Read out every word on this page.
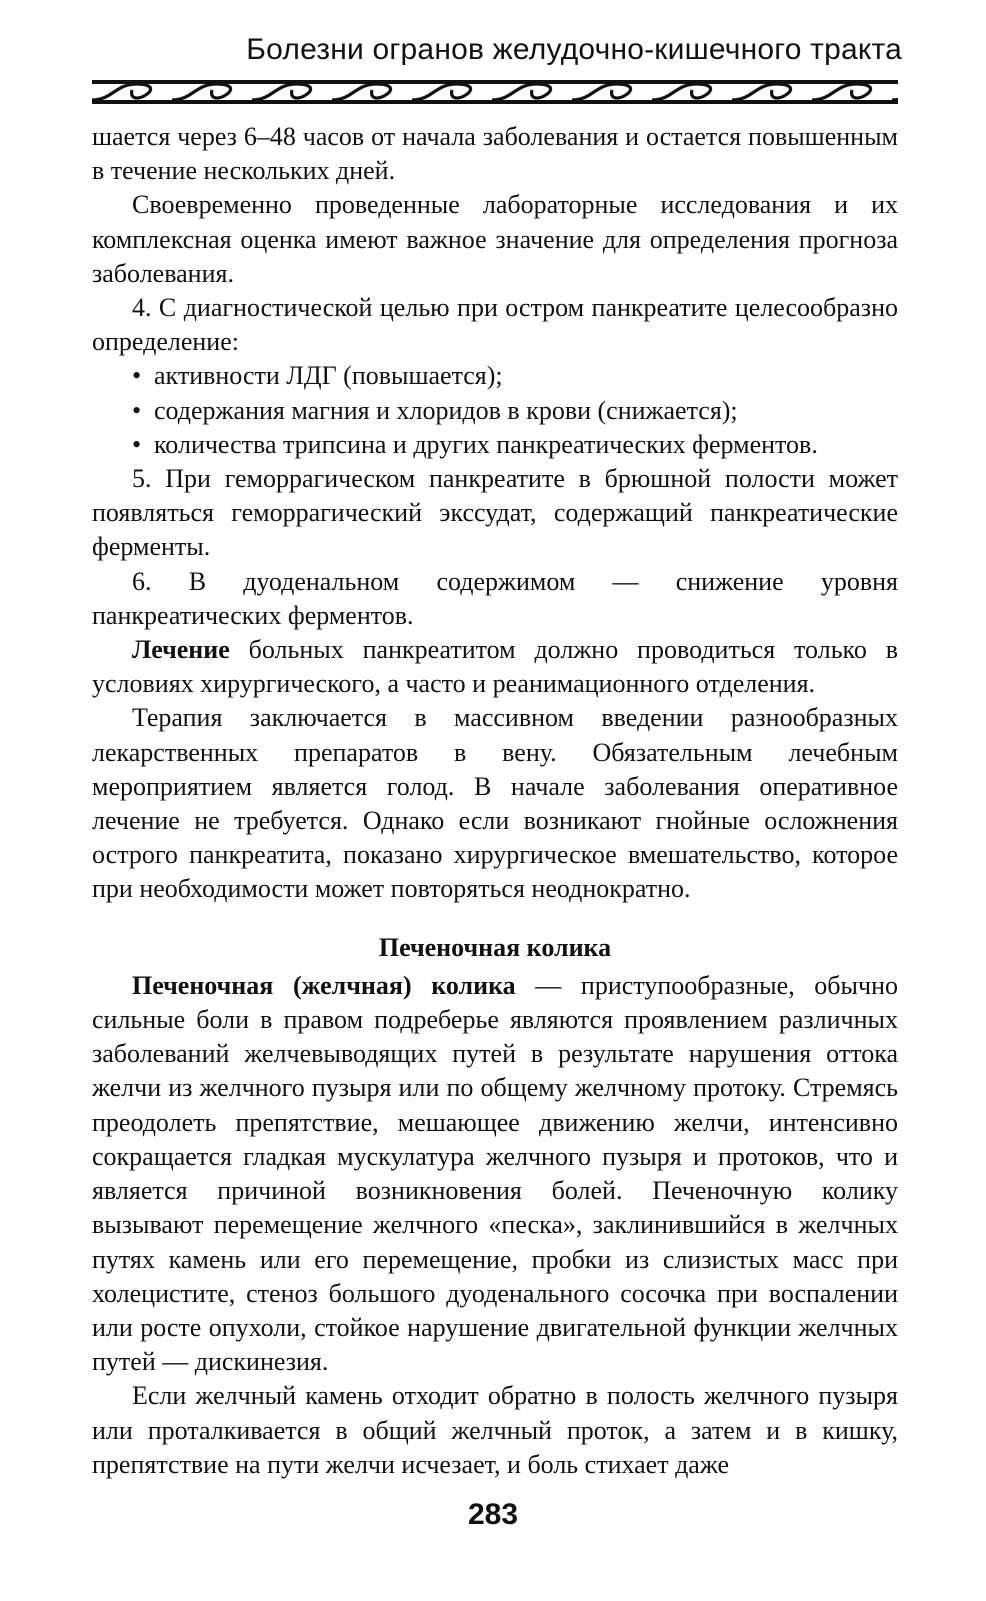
Болезни огранов желудочно-кишечного тракта

шается через 6–48 часов от начала заболевания и остается повышенным в течение нескольких дней.

Своевременно проведенные лабораторные исследования и их комплексная оценка имеют важное значение для определения прогноза заболевания.

4. С диагностической целью при остром панкреатите целесообразно определение:

• активности ЛДГ (повышается);
• содержания магния и хлоридов в крови (снижается);
• количества трипсина и других панкреатических ферментов.

5. При геморрагическом панкреатите в брюшной полости может появляться геморрагический экссудат, содержащий панкреатические ферменты.

6. В дуоденальном содержимом — снижение уровня панкреатических ферментов.

Лечение больных панкреатитом должно проводиться только в условиях хирургического, а часто и реанимационного отделения.

Терапия заключается в массивном введении разнообразных лекарственных препаратов в вену. Обязательным лечебным мероприятием является голод. В начале заболевания оперативное лечение не требуется. Однако если возникают гнойные осложнения острого панкреатита, показано хирургическое вмешательство, которое при необходимости может повторяться неоднократно.

Печеночная колика

Печеночная (желчная) колика — приступообразные, обычно сильные боли в правом подреберье являются проявлением различных заболеваний желчевыводящих путей в результате нарушения оттока желчи из желчного пузыря или по общему желчному протоку. Стремясь преодолеть препятствие, мешающее движению желчи, интенсивно сокращается гладкая мускулатура желчного пузыря и протоков, что и является причиной возникновения болей. Печеночную колику вызывают перемещение желчного «песка», заклинившийся в желчных путях камень или его перемещение, пробки из слизистых масс при холецистите, стеноз большого дуоденального сосочка при воспалении или росте опухоли, стойкое нарушение двигательной функции желчных путей — дискинезия.

Если желчный камень отходит обратно в полость желчного пузыря или проталкивается в общий желчный проток, а затем и в кишку, препятствие на пути желчи исчезает, и боль стихает даже

283
